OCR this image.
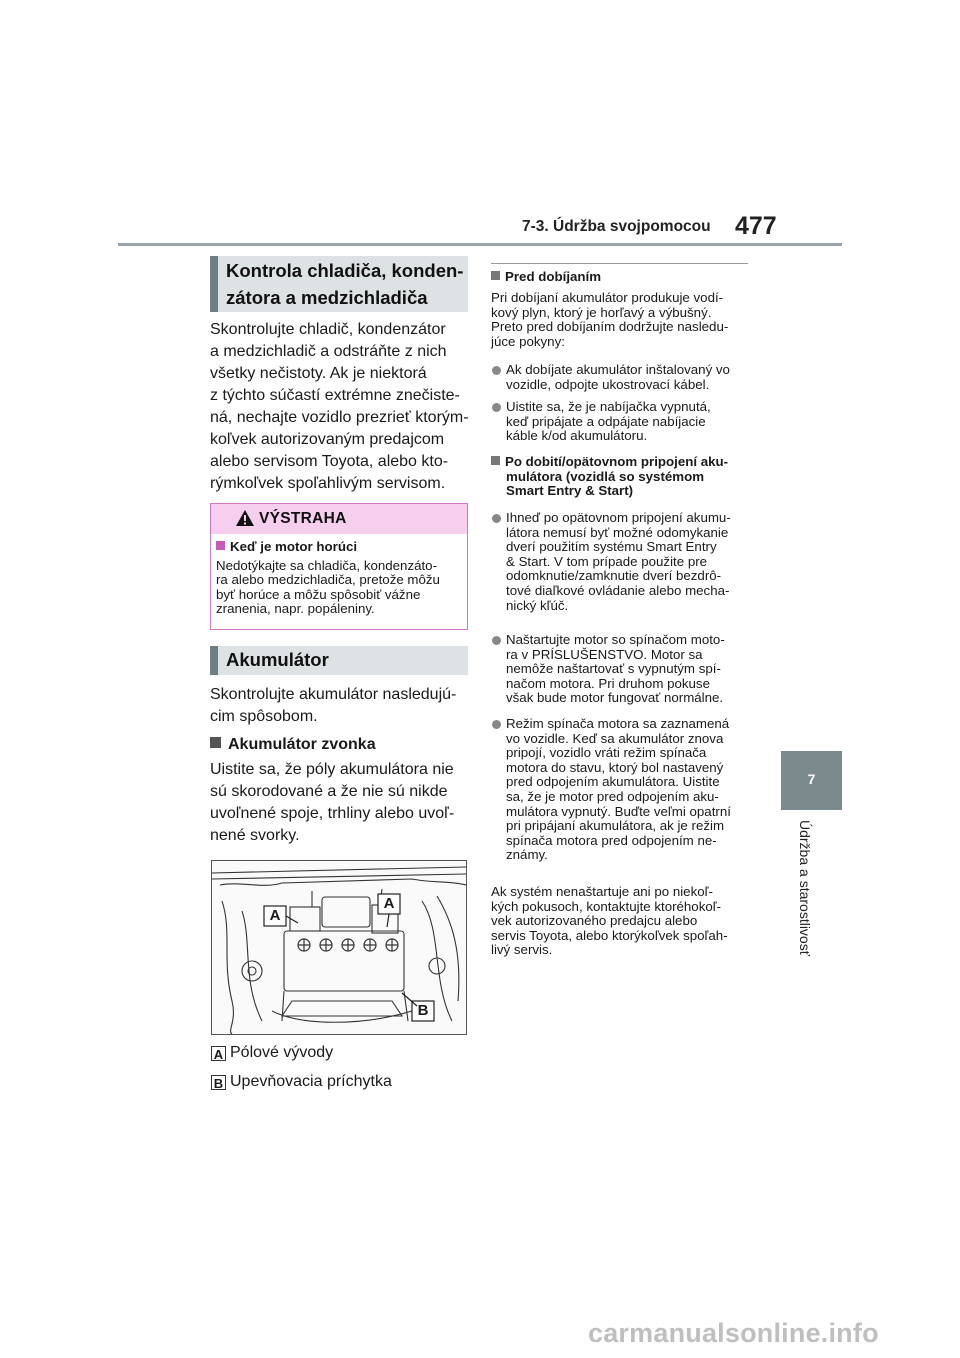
7-3. Údržba svojpomocou 477
7
Údržba a starostlivosť
Kontrola chladiča, konden-
zátora a medzichladiča
Skontrolujte chladič, kondenzátor
a medzichladič a odstráňte z nich
všetky nečistoty. Ak je niektorá
z týchto súčastí extrémne znečiste-
ná, nechajte vozidlo prezrieť ktorým-
koľvek autorizovaným predajcom
alebo servisom Toyota, alebo kto-
rýmkoľvek spoľahlivým servisom.
VÝSTRAHA
Keď je motor horúci
Nedotýkajte sa chladiča, kondenzáto-
ra alebo medzichladiča, pretože môžu
byť horúce a môžu spôsobiť vážne
zranenia, napr. popáleniny.
Akumulátor
Skontrolujte akumulátor nasledujú-
cim spôsobom.
Akumulátor zvonka
Uistite sa, že póly akumulátora nie
sú skorodované a že nie sú nikde
uvoľnené spoje, trhliny alebo uvoľ-
nené svorky.
A
A
B
A Pólové vývody
B Upevňovacia príchytka
Pred dobíjaním
Pri dobíjaní akumulátor produkuje vodí-
kový plyn, ktorý je horľavý a výbušný.
Preto pred dobíjaním dodržujte nasledu-
júce pokyny:
Ak dobíjate akumulátor inštalovaný vo
vozidle, odpojte ukostrovací kábel.
Uistite sa, že je nabíjačka vypnutá,
keď pripájate a odpájate nabíjacie
káble k/od akumulátoru.
Po dobití/opätovnom pripojení aku-
mulátora (vozidlá so systémom
Smart Entry & Start)
Ihneď po opätovnom pripojení akumu-
látora nemusí byť možné odomykanie
dverí použitím systému Smart Entry
& Start. V tom prípade použite pre
odomknutie/zamknutie dverí bezdrô-
tové diaľkové ovládanie alebo mecha-
nický kľúč.
Naštartujte motor so spínačom moto-
ra v PRÍSLUŠENSTVO. Motor sa
nemôže naštartovať s vypnutým spí-
načom motora. Pri druhom pokuse
však bude motor fungovať normálne.
Režim spínača motora sa zaznamená
vo vozidle. Keď sa akumulátor znova
pripojí, vozidlo vráti režim spínača
motora do stavu, ktorý bol nastavený
pred odpojením akumulátora. Uistite
sa, že je motor pred odpojením aku-
mulátora vypnutý. Buďte veľmi opatrní
pri pripájaní akumulátora, ak je režim
spínača motora pred odpojením ne-
známy.
Ak systém nenaštartuje ani po niekoľ-
kých pokusoch, kontaktujte ktoréhokoľ-
vek autorizovaného predajcu alebo
servis Toyota, alebo ktorýkoľvek spoľah-
livý servis.
carmanualsonline.info
